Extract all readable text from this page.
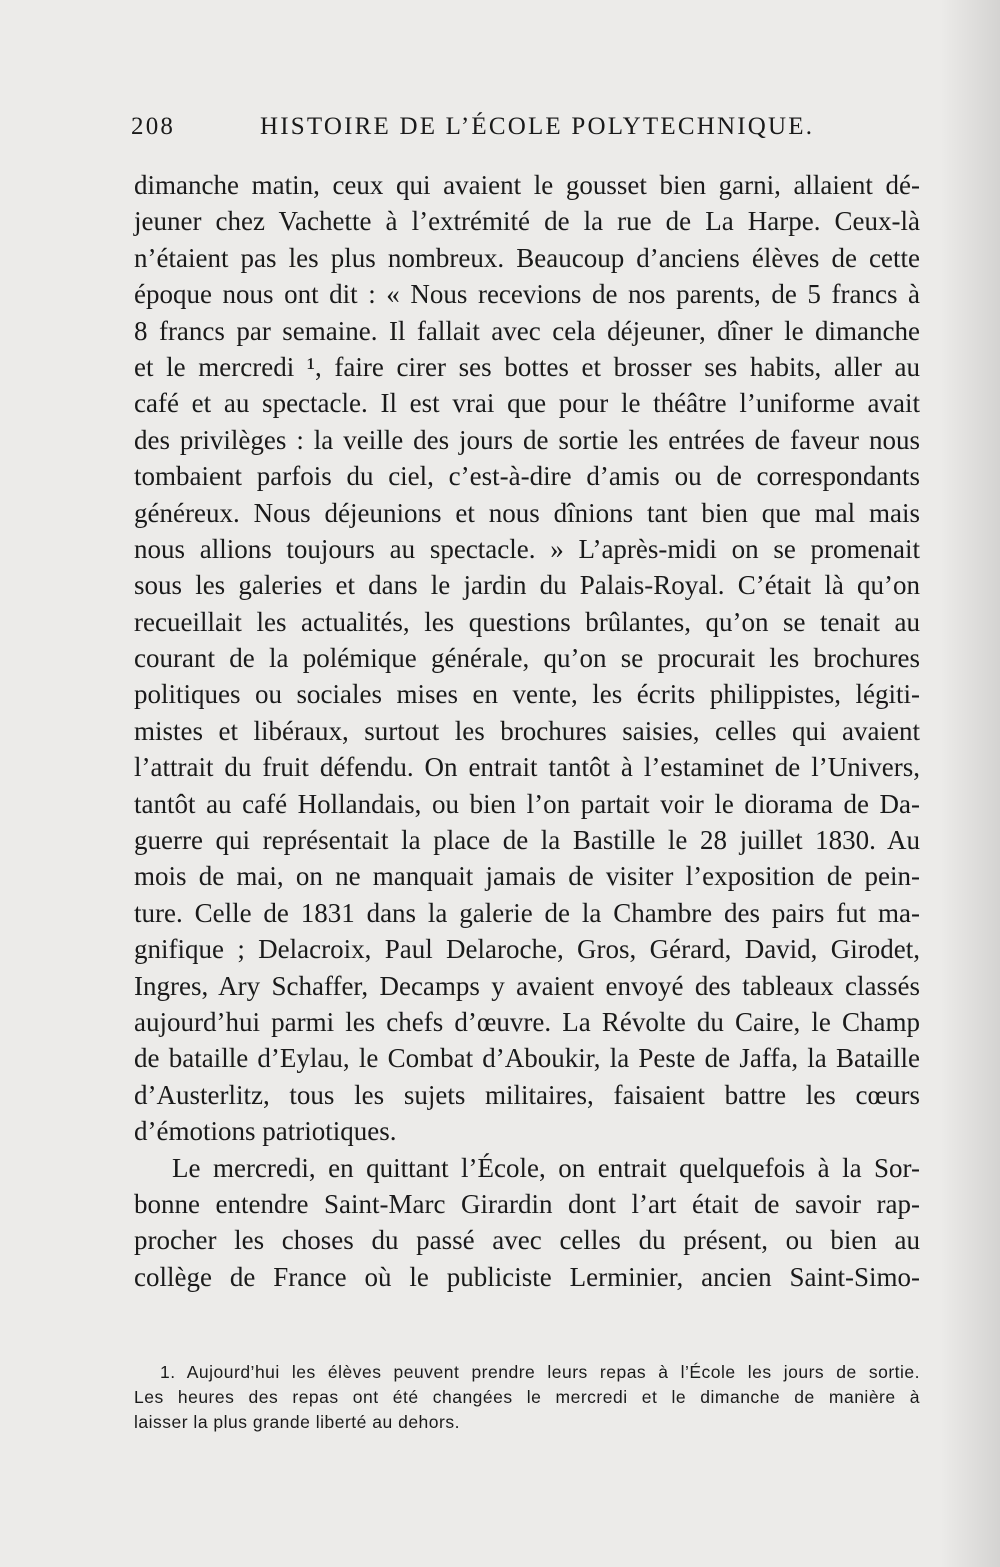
208	HISTOIRE DE L’ÉCOLE POLYTECHNIQUE.
dimanche matin, ceux qui avaient le gousset bien garni, allaient dé-
jeuner chez Vachette à l’extrémité de la rue de La Harpe. Ceux-là
n’étaient pas les plus nombreux. Beaucoup d’anciens élèves de cette
époque nous ont dit : « Nous recevions de nos parents, de 5 francs à
8 francs par semaine. Il fallait avec cela déjeuner, dîner le dimanche
et le mercredi ¹, faire cirer ses bottes et brosser ses habits, aller au
café et au spectacle. Il est vrai que pour le théâtre l’uniforme avait
des privilèges : la veille des jours de sortie les entrées de faveur nous
tombaient parfois du ciel, c’est-à-dire d’amis ou de correspondants
généreux. Nous déjeunions et nous dînions tant bien que mal mais
nous allions toujours au spectacle. » L’après-midi on se promenait
sous les galeries et dans le jardin du Palais-Royal. C’était là qu’on
recueillait les actualités, les questions brûlantes, qu’on se tenait au
courant de la polémique générale, qu’on se procurait les brochures
politiques ou sociales mises en vente, les écrits philippistes, légiti-
mistes et libéraux, surtout les brochures saisies, celles qui avaient
l’attrait du fruit défendu. On entrait tantôt à l’estaminet de l’Univers,
tantôt au café Hollandais, ou bien l’on partait voir le diorama de Da-
guerre qui représentait la place de la Bastille le 28 juillet 1830. Au
mois de mai, on ne manquait jamais de visiter l’exposition de pein-
ture. Celle de 1831 dans la galerie de la Chambre des pairs fut ma-
gnifique ; Delacroix, Paul Delaroche, Gros, Gérard, David, Girodet,
Ingres, Ary Schaffer, Decamps y avaient envoyé des tableaux classés
aujourd’hui parmi les chefs d’œuvre. La Révolte du Caire, le Champ
de bataille d’Eylau, le Combat d’Aboukir, la Peste de Jaffa, la Bataille
d’Austerlitz, tous les sujets militaires, faisaient battre les cœurs
d’émotions patriotiques.
Le mercredi, en quittant l’École, on entrait quelquefois à la Sor-
bonne entendre Saint-Marc Girardin dont l’art était de savoir rap-
procher les choses du passé avec celles du présent, ou bien au
collège de France où le publiciste Lerminier, ancien Saint-Simo-
1. Aujourd’hui les élèves peuvent prendre leurs repas à l’École les jours de sortie.
Les heures des repas ont été changées le mercredi et le dimanche de manière à
laisser la plus grande liberté au dehors.
